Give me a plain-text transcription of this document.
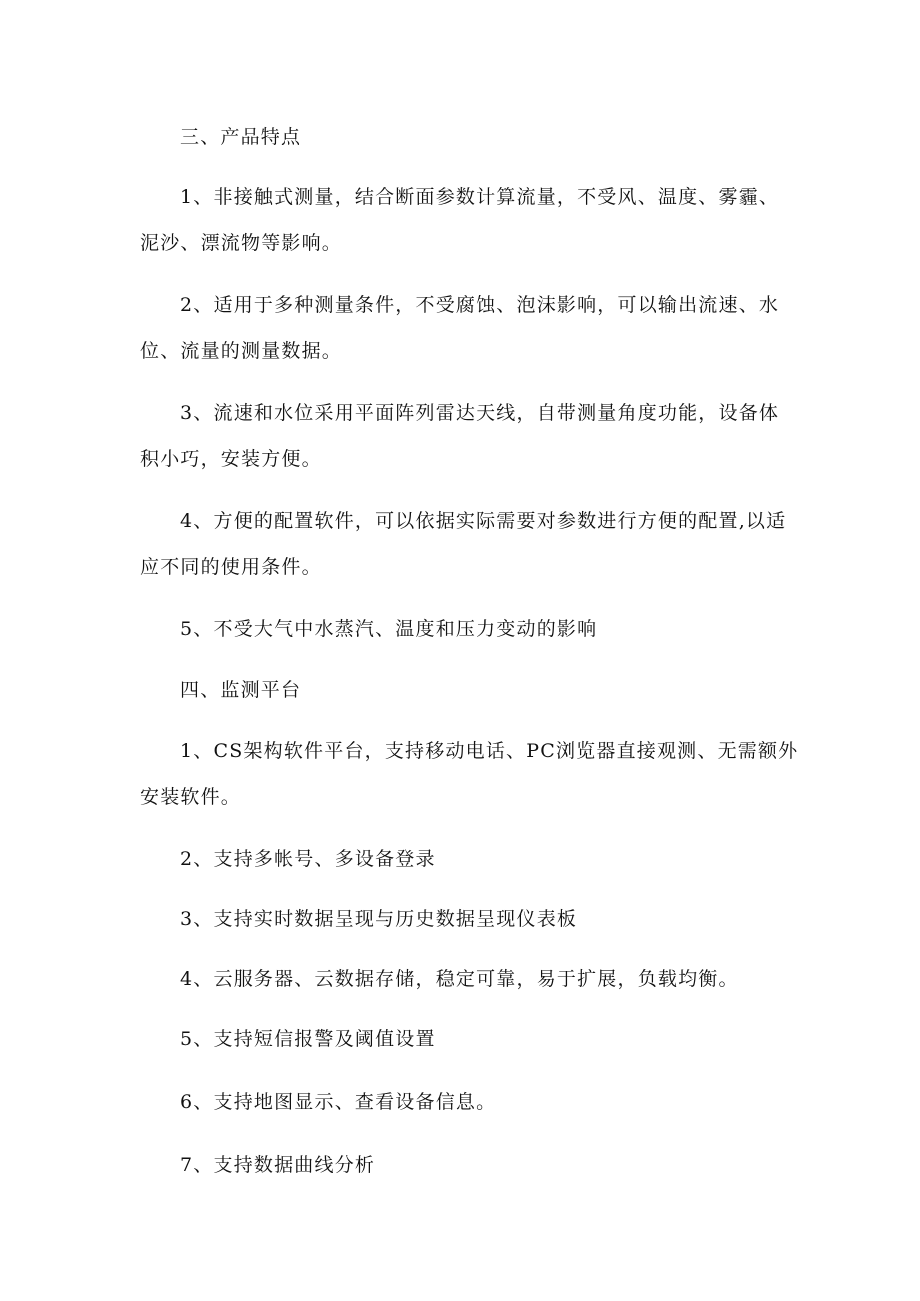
三、产品特点
1、非接触式测量，结合断面参数计算流量，不受风、温度、雾霾、
泥沙、漂流物等影响。
2、适用于多种测量条件，不受腐蚀、泡沫影响，可以输出流速、水
位、流量的测量数据。
3、流速和水位采用平面阵列雷达天线，自带测量角度功能，设备体
积小巧，安装方便。
4、方便的配置软件，可以依据实际需要对参数进行方便的配置,以适
应不同的使用条件。
5、不受大气中水蒸汽、温度和压力变动的影响
四、监测平台
1、CS架构软件平台，支持移动电话、PC浏览器直接观测、无需额外
安装软件。
2、支持多帐号、多设备登录
3、支持实时数据呈现与历史数据呈现仪表板
4、云服务器、云数据存储，稳定可靠，易于扩展，负载均衡。
5、支持短信报警及阈值设置
6、支持地图显示、查看设备信息。
7、支持数据曲线分析
